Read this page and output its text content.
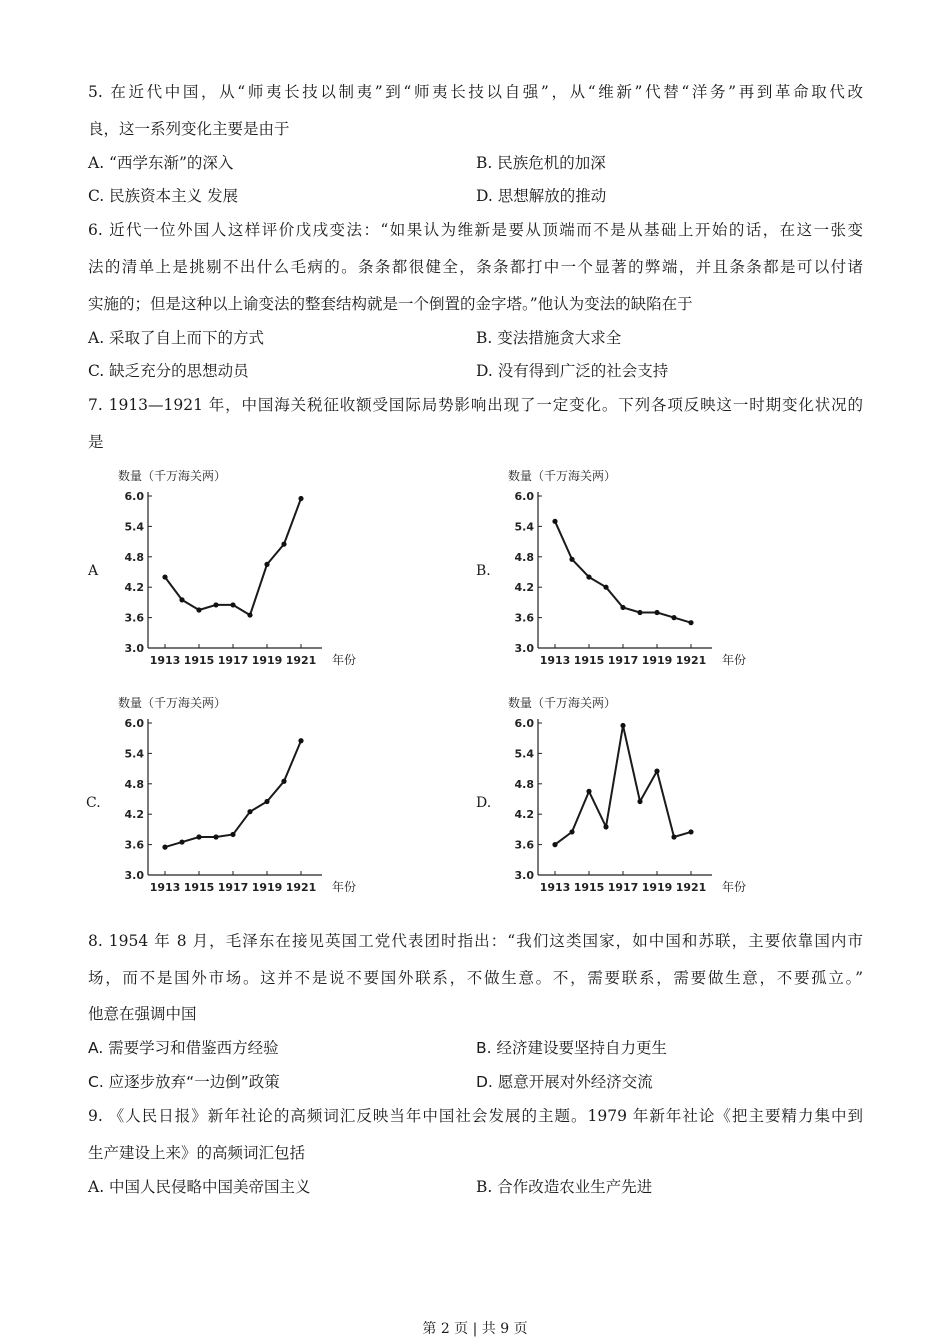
5. 在近代中国，从“师夷长技以制夷”到“师夷长技以自强”，从“维新”代替“洋务”再到革命取代改
良，这一系列变化主要是由于
A. “西学东渐”的深入	B. 民族危机的加深
C. 民族资本主义 发展	D. 思想解放的推动
6. 近代一位外国人这样评价戊戌变法：“如果认为维新是要从顶端而不是从基础上开始的话，在这一张变
法的清单上是挑剔不出什么毛病的。条条都很健全，条条都打中一个显著的弊端，并且条条都是可以付诸
实施的；但是这种以上谕变法的整套结构就是一个倒置的金字塔。”他认为变法的缺陷在于
A. 采取了自上而下的方式	B. 变法措施贪大求全
C. 缺乏充分的思想动员	D. 没有得到广泛的社会支持
7. 1913—1921 年，中国海关税征收额受国际局势影响出现了一定变化。下列各项反映这一时期变化状况的
是
A	B.
C.	D.
数量（千万海关两）
3.0
3.6
4.2
4.8
5.4
6.0
1913 1915 1917 1919 1921 年份
数量（千万海关两）
3.0
3.6
4.2
4.8
5.4
6.0
1913 1915 1917 1919 1921 年份
数量（千万海关两）
3.0
3.6
4.2
4.8
5.4
6.0
1913 1915 1917 1919 1921 年份
数量（千万海关两）
3.0
3.6
4.2
4.8
5.4
6.0
1913 1915 1917 1919 1921 年份
8. 1954 年 8 月，毛泽东在接见英国工党代表团时指出：“我们这类国家，如中国和苏联，主要依靠国内市
场，而不是国外市场。这并不是说不要国外联系，不做生意。不，需要联系，需要做生意，不要孤立。”
他意在强调中国
A. 需要学习和借鉴西方经验	B. 经济建设要坚持自力更生
C. 应逐步放弃“一边倒”政策	D. 愿意开展对外经济交流
9. 《人民日报》新年社论的高频词汇反映当年中国社会发展的主题。1979 年新年社论《把主要精力集中到
生产建设上来》的高频词汇包括
A. 中国人民侵略中国美帝国主义	B. 合作改造农业生产先进
第 2 页 | 共 9 页
